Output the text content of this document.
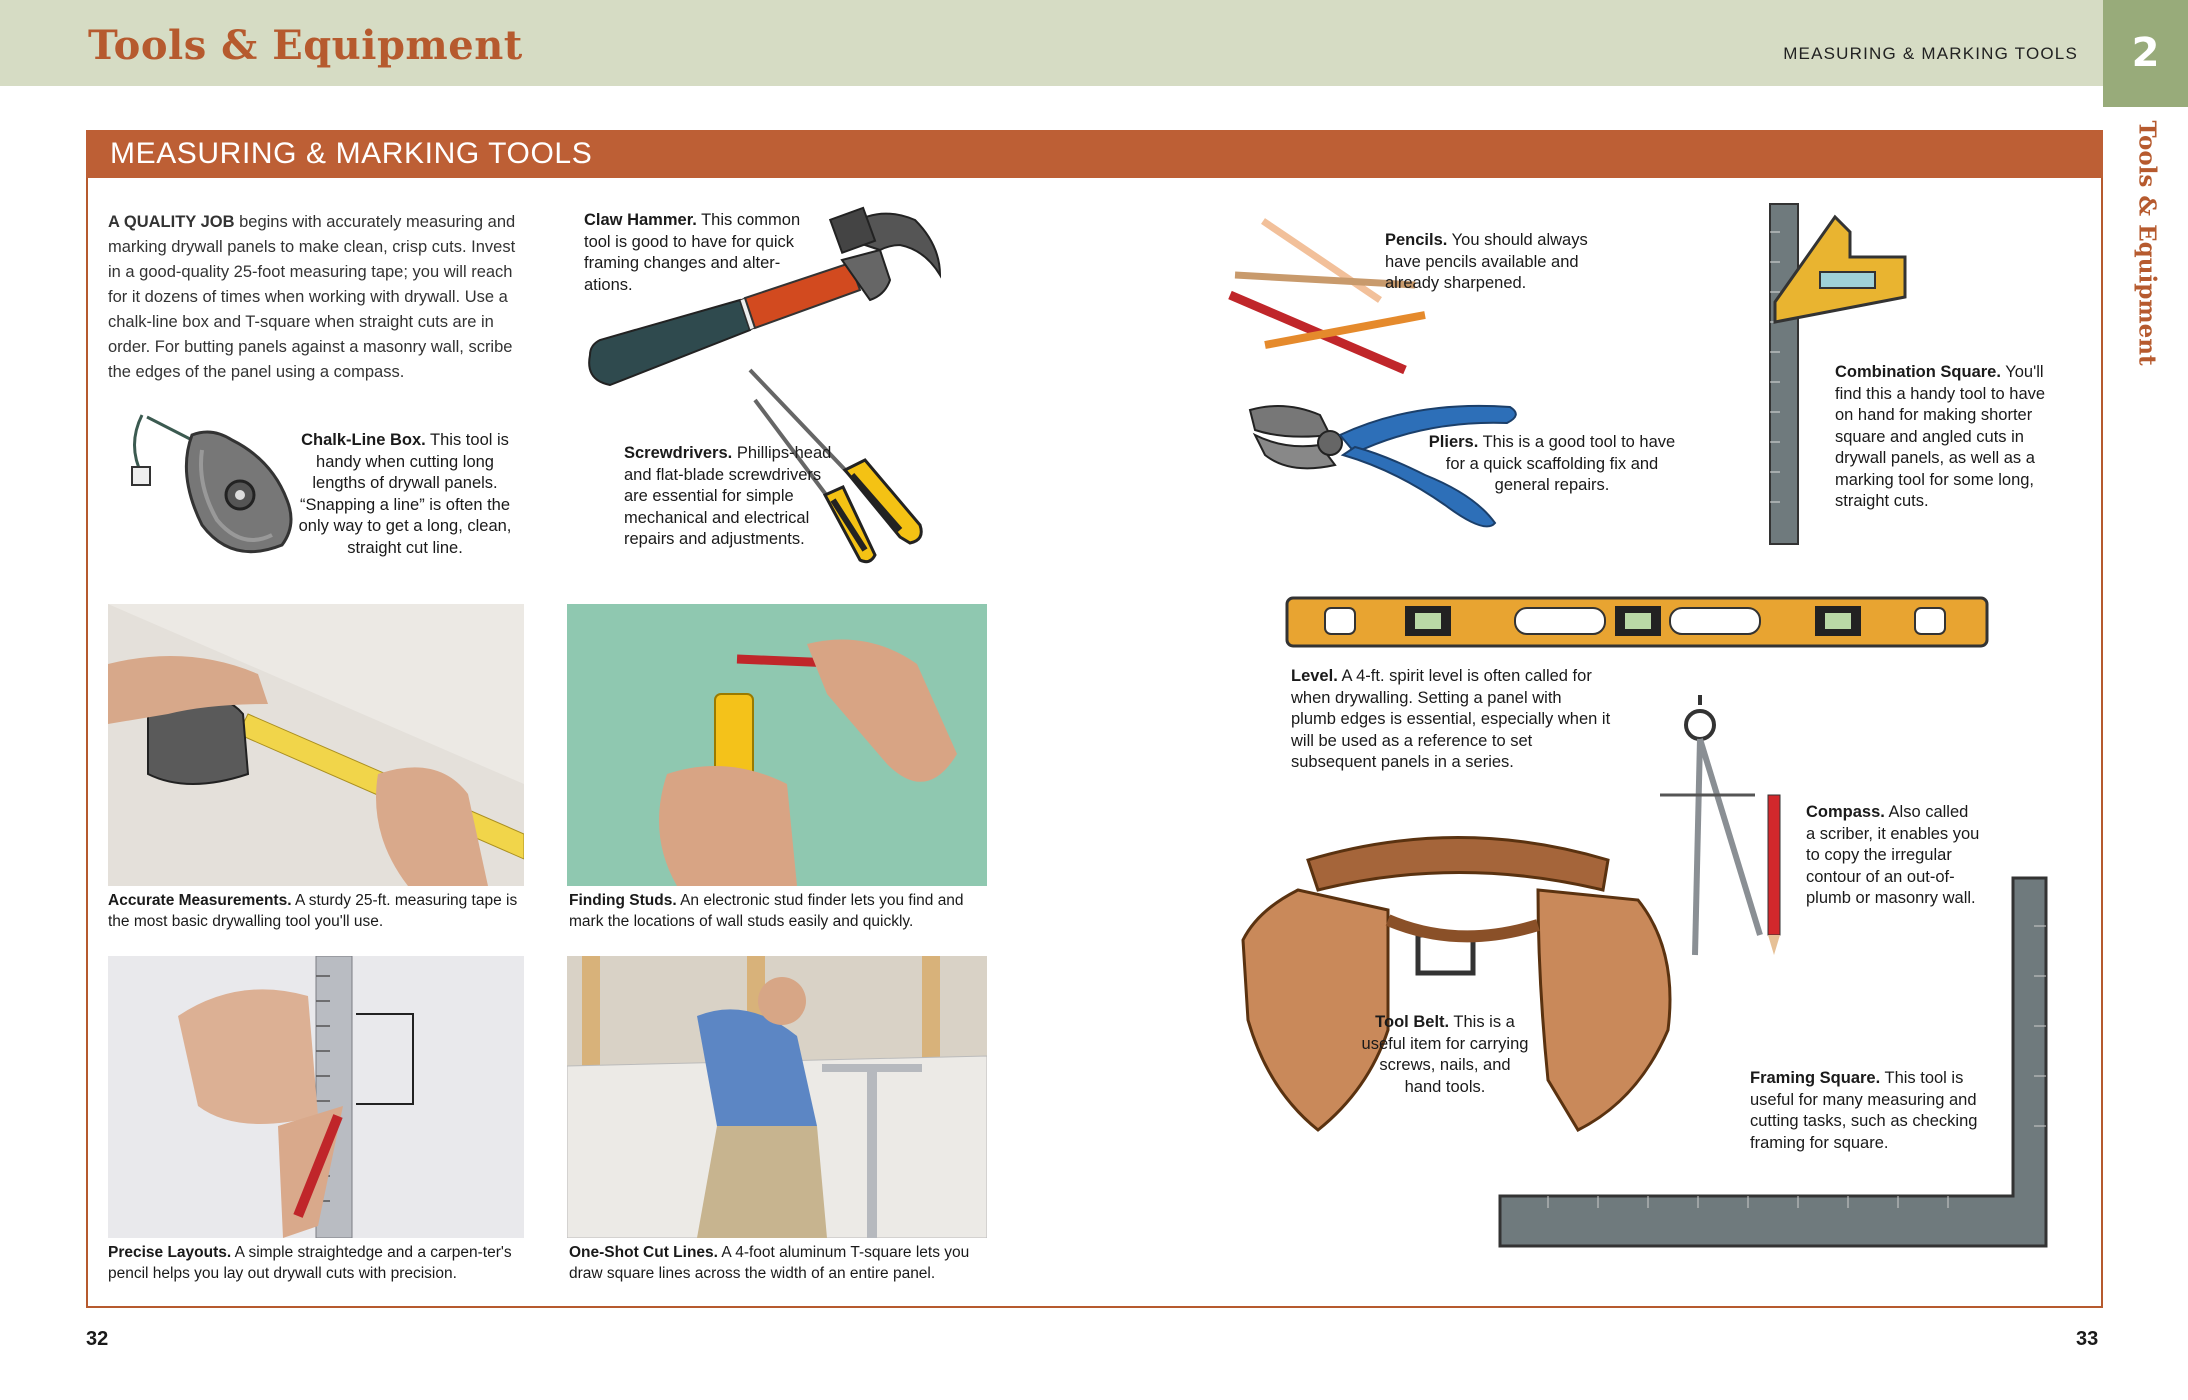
Tools & Equipment	MEASURING & MARKING TOOLS	2
Tools & Equipment
MEASURING & MARKING TOOLS
A QUALITY JOB begins with accurately measuring and marking drywall panels to make clean, crisp cuts. Invest in a good-quality 25-foot measuring tape; you will reach for it dozens of times when working with drywall. Use a chalk-line box and T-square when straight cuts are in order. For butting panels against a masonry wall, scribe the edges of the panel using a compass.
Chalk-Line Box. This tool is handy when cutting long lengths of drywall panels. “Snapping a line” is often the only way to get a long, clean, straight cut line.
Claw Hammer. This common tool is good to have for quick framing changes and alter-ations.
Screwdrivers. Phillips-head and flat-blade screwdrivers are essential for simple mechanical and electrical repairs and adjustments.
Accurate Measurements. A sturdy 25-ft. measuring tape is the most basic drywalling tool you'll use.
Finding Studs. An electronic stud finder lets you find and mark the locations of wall studs easily and quickly.
Precise Layouts. A simple straightedge and a carpen-ter's pencil helps you lay out drywall cuts with precision.
One-Shot Cut Lines. A 4-foot aluminum T-square lets you draw square lines across the width of an entire panel.
Pencils. You should always have pencils available and already sharpened.
Pliers. This is a good tool to have for a quick scaffolding fix and general repairs.
Combination Square. You'll find this a handy tool to have on hand for making shorter square and angled cuts in drywall panels, as well as a marking tool for some long, straight cuts.
Level. A 4-ft. spirit level is often called for when drywalling. Setting a panel with plumb edges is essential, especially when it will be used as a reference to set subsequent panels in a series.
Compass. Also called a scriber, it enables you to copy the irregular contour of an out-of-plumb or masonry wall.
Tool Belt. This is a useful item for carrying screws, nails, and hand tools.	Framing Square. This tool is useful for many measuring and cutting tasks, such as checking framing for square.
32	33
